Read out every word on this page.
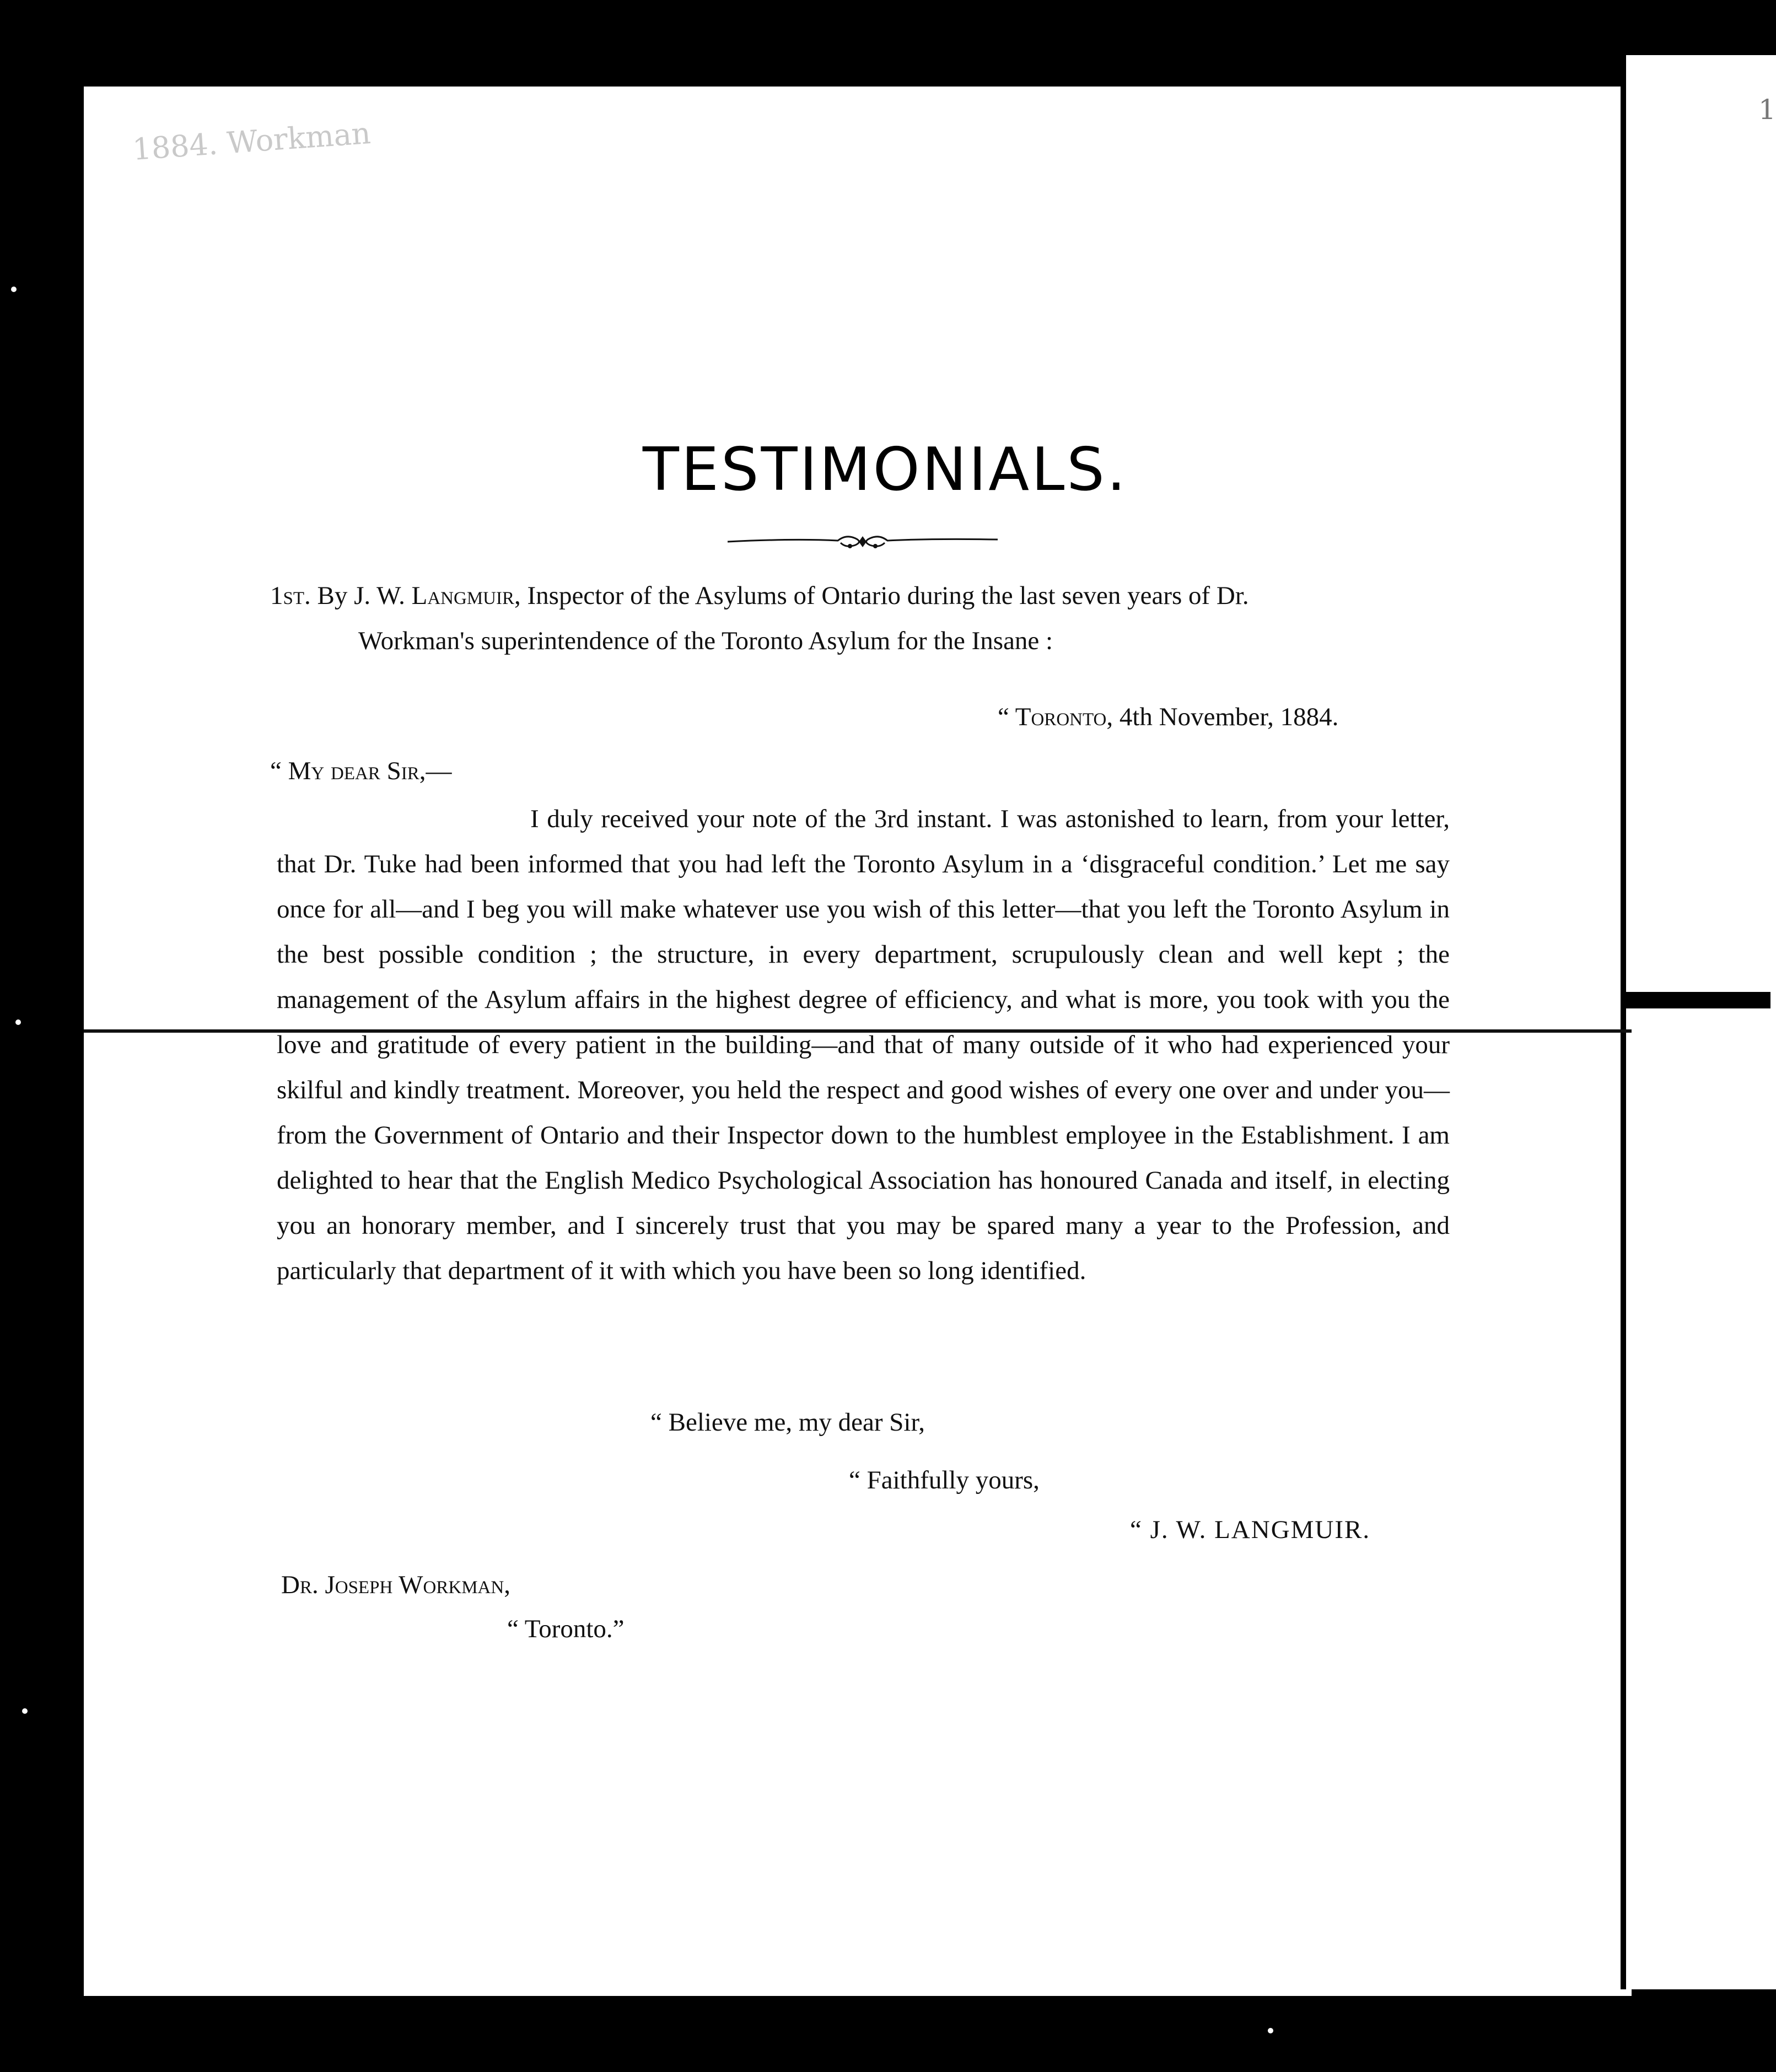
1884. Workman
1
TESTIMONIALS.

1st. By J. W. Langmuir, Inspector of the Asylums of Ontario during the last seven years of Dr.
Workman's superintendence of the Toronto Asylum for the Insane :

“ Toronto, 4th November, 1884.

“ My dear Sir,—

I duly received your note of the 3rd instant. I was astonished to learn, from your letter, that Dr. Tuke had been informed that you had left the Toronto Asylum in a ‘disgraceful condition.’ Let me say once for all—and I beg you will make whatever use you wish of this letter—that you left the Toronto Asylum in the best possible condition ; the structure, in every department, scrupulously clean and well kept ; the management of the Asylum affairs in the highest degree of efficiency, and what is more, you took with you the love and gratitude of every patient in the building—and that of many outside of it who had experienced your skilful and kindly treatment. Moreover, you held the respect and good wishes of every one over and under you—from the Government of Ontario and their Inspector down to the humblest employee in the Establishment. I am delighted to hear that the English Medico Psychological Association has honoured Canada and itself, in electing you an honorary member, and I sincerely trust that you may be spared many a year to the Profession, and particularly that department of it with which you have been so long identified.

“ Believe me, my dear Sir,

“ Faithfully yours,

“ J. W. LANGMUIR.

Dr. Joseph Workman,

“ Toronto.”
